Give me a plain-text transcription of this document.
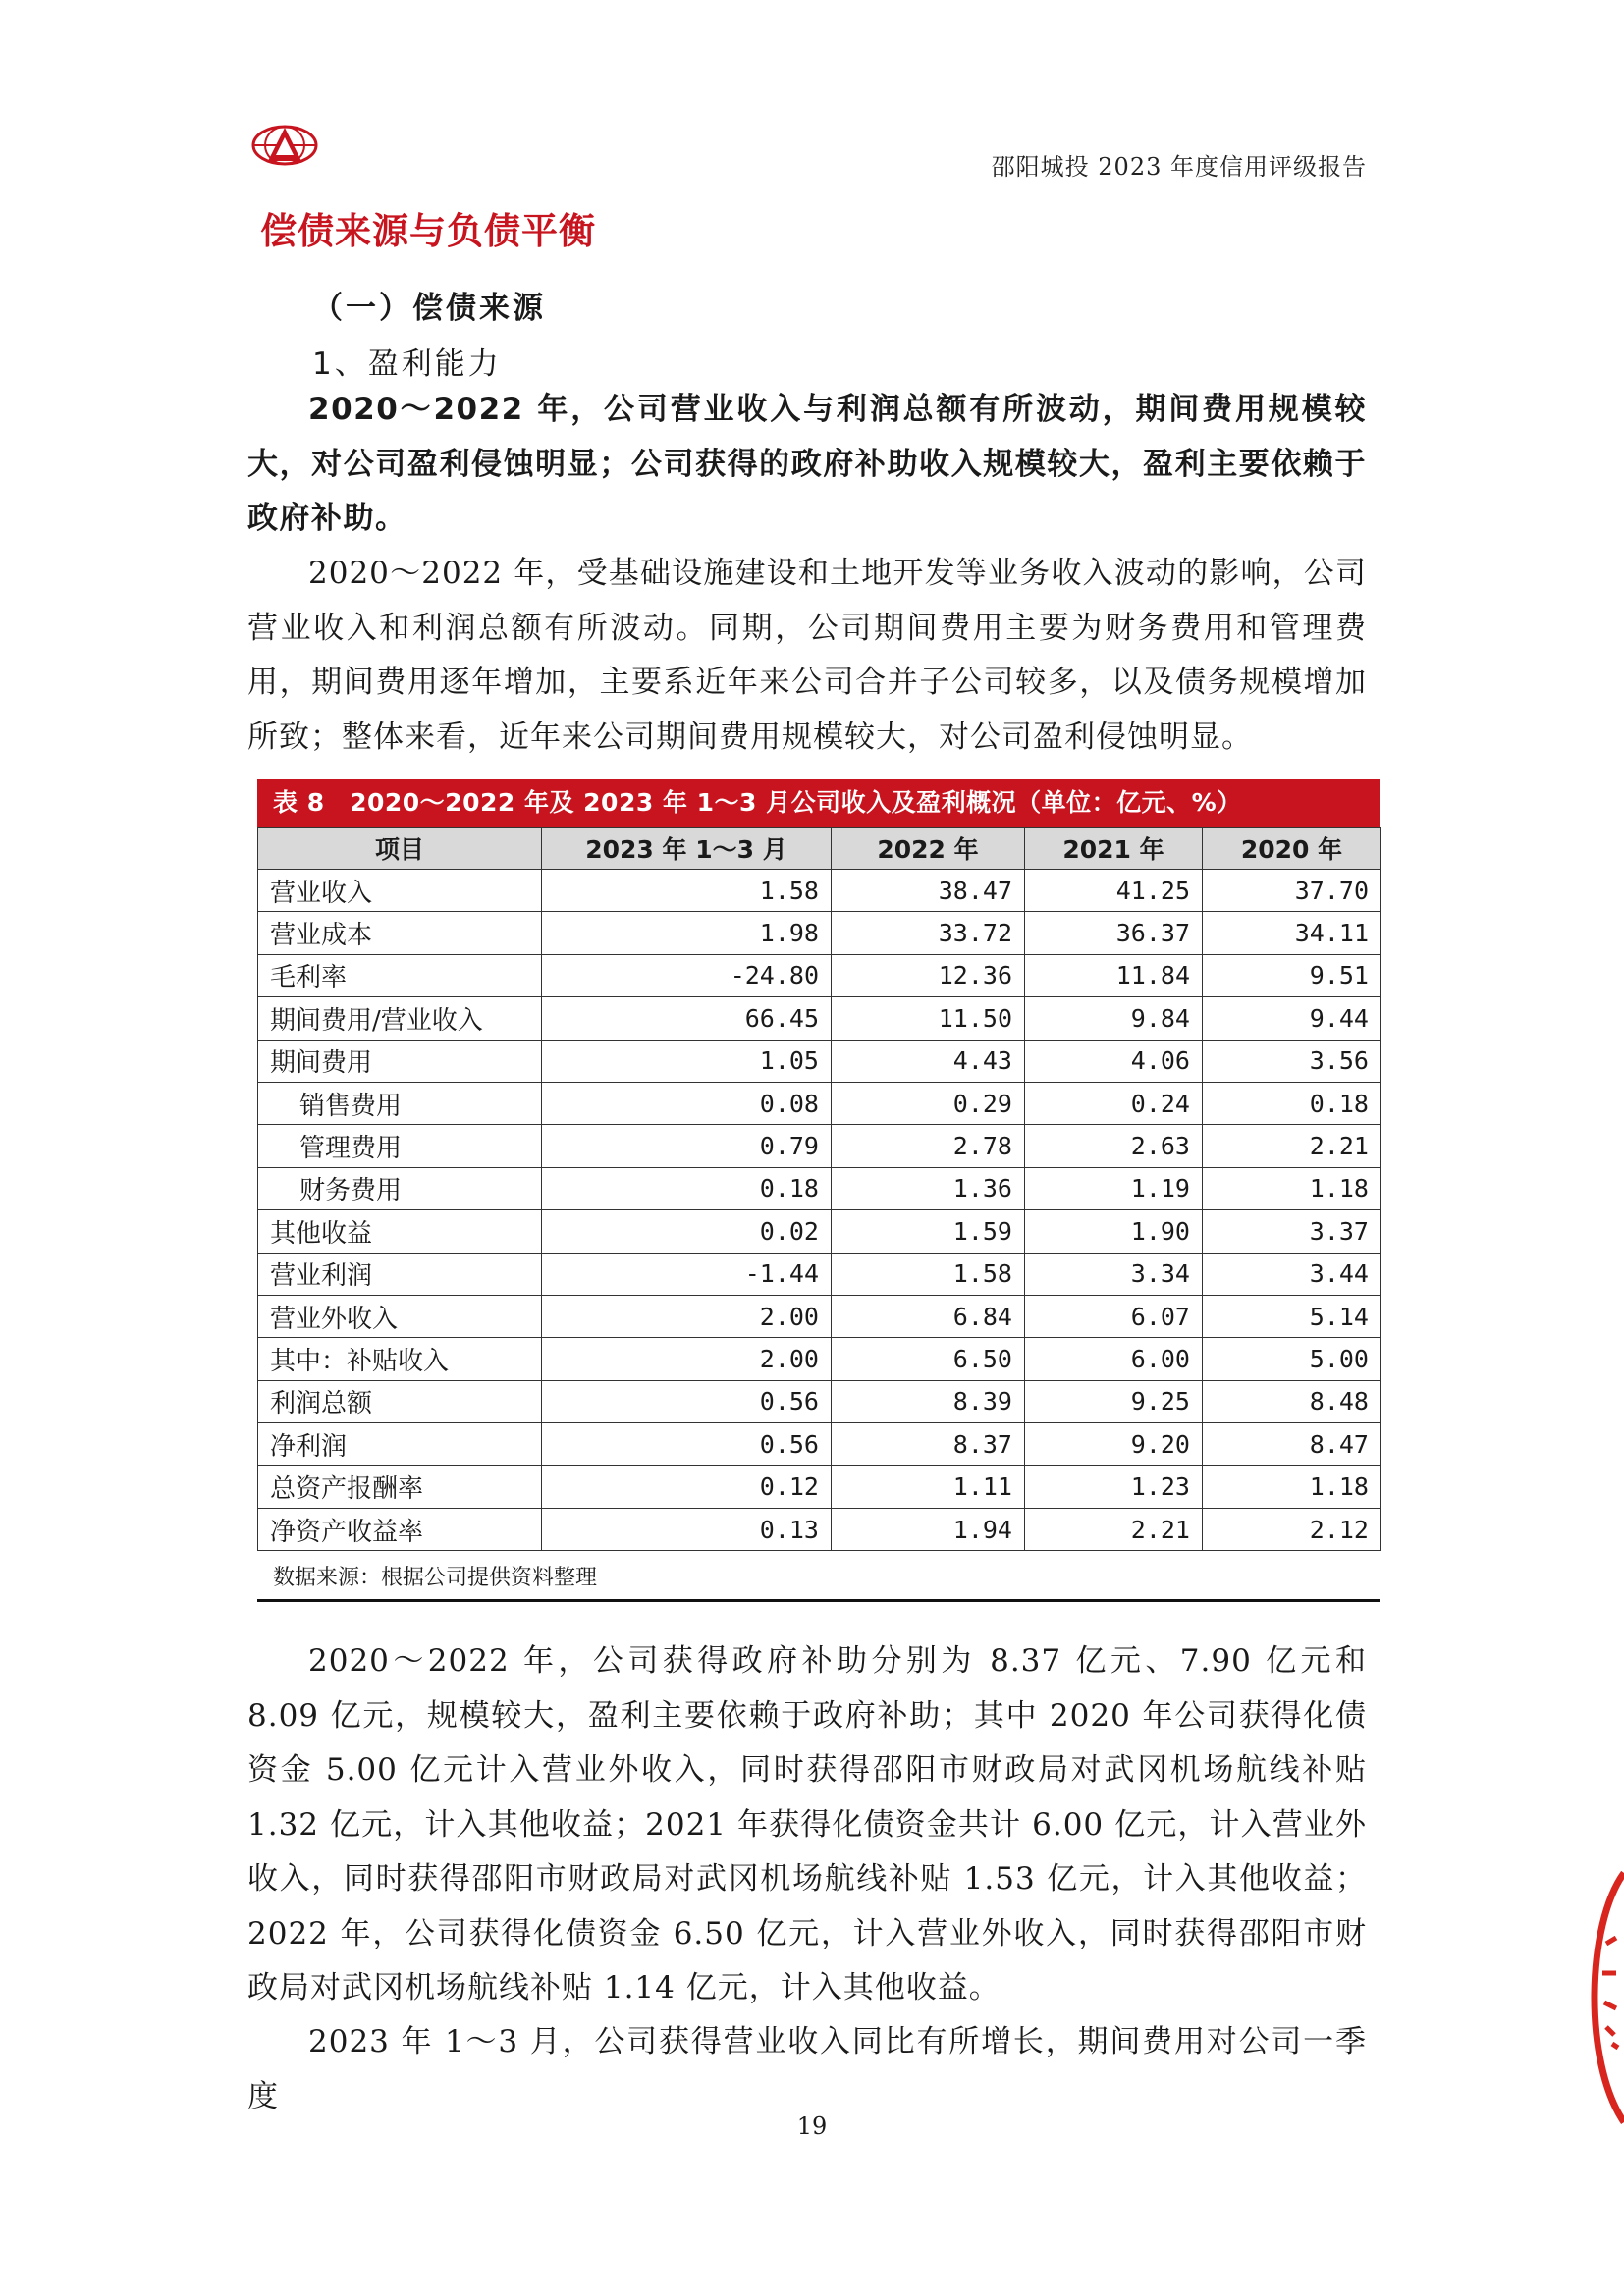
邵阳城投 2023 年度信用评级报告
偿债来源与负债平衡
（一）偿债来源
1、盈利能力

2020～2022 年，公司营业收入与利润总额有所波动，期间费用规模较大，对公司盈利侵蚀明显；公司获得的政府补助收入规模较大，盈利主要依赖于政府补助。

2020～2022 年，受基础设施建设和土地开发等业务收入波动的影响，公司营业收入和利润总额有所波动。同期，公司期间费用主要为财务费用和管理费用，期间费用逐年增加，主要系近年来公司合并子公司较多，以及债务规模增加所致；整体来看，近年来公司期间费用规模较大，对公司盈利侵蚀明显。

表 8　2020～2022 年及 2023 年 1～3 月公司收入及盈利概况（单位：亿元、%）
项目	2023 年 1～3 月	2022 年	2021 年	2020 年
营业收入	1.58	38.47	41.25	37.70
营业成本	1.98	33.72	36.37	34.11
毛利率	-24.80	12.36	11.84	9.51
期间费用/营业收入	66.45	11.50	9.84	9.44
期间费用	1.05	4.43	4.06	3.56
销售费用	0.08	0.29	0.24	0.18
管理费用	0.79	2.78	2.63	2.21
财务费用	0.18	1.36	1.19	1.18
其他收益	0.02	1.59	1.90	3.37
营业利润	-1.44	1.58	3.34	3.44
营业外收入	2.00	6.84	6.07	5.14
其中：补贴收入	2.00	6.50	6.00	5.00
利润总额	0.56	8.39	9.25	8.48
净利润	0.56	8.37	9.20	8.47
总资产报酬率	0.12	1.11	1.23	1.18
净资产收益率	0.13	1.94	2.21	2.12
数据来源：根据公司提供资料整理

2020～2022 年，公司获得政府补助分别为 8.37 亿元、7.90 亿元和 8.09 亿元，规模较大，盈利主要依赖于政府补助；其中 2020 年公司获得化债资金 5.00 亿元计入营业外收入，同时获得邵阳市财政局对武冈机场航线补贴 1.32 亿元，计入其他收益；2021 年获得化债资金共计 6.00 亿元，计入营业外收入，同时获得邵阳市财政局对武冈机场航线补贴 1.53 亿元，计入其他收益；2022 年，公司获得化债资金 6.50 亿元，计入营业外收入，同时获得邵阳市财政局对武冈机场航线补贴 1.14 亿元，计入其他收益。

2023 年 1～3 月，公司获得营业收入同比有所增长，期间费用对公司一季度

19
